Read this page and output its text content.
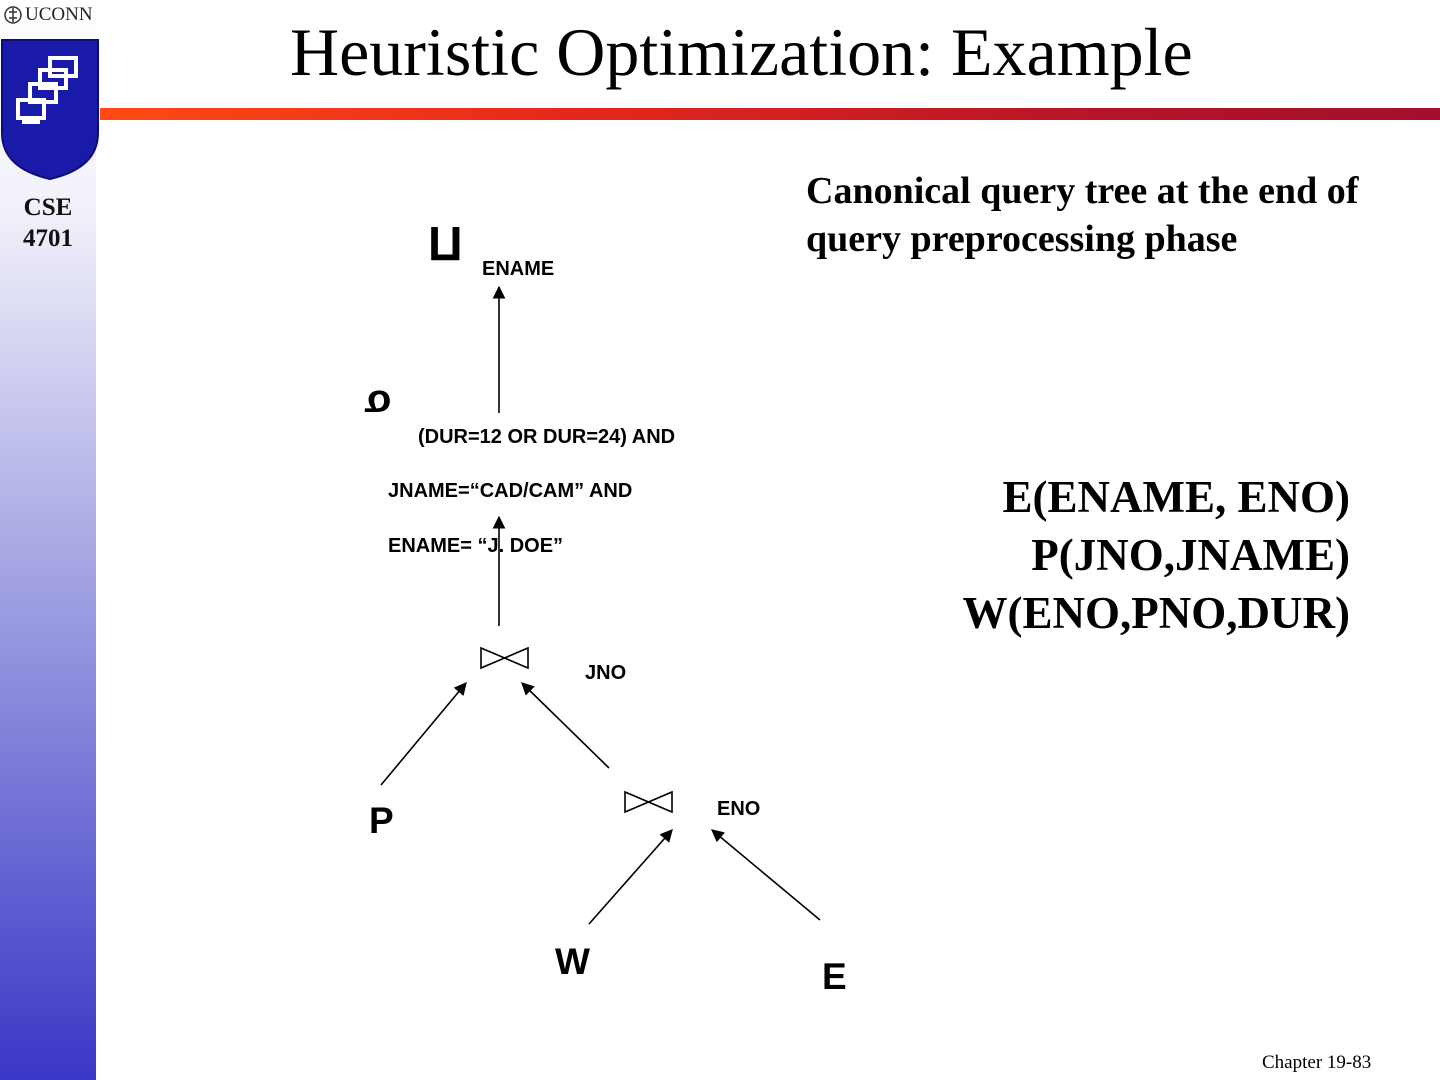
UCONN
CSE
4701
Heuristic Optimization: Example
Canonical query tree at the end of query preprocessing phase
E(ENAME, ENO)
P(JNO,JNAME)
W(ENO,PNO,DUR)
Π ENAME
σ
(DUR=12 OR DUR=24) AND
JNAME=“CAD/CAM” AND
ENAME= “J. DOE”
JNO
ENO
P
W	E
Chapter 19-83
